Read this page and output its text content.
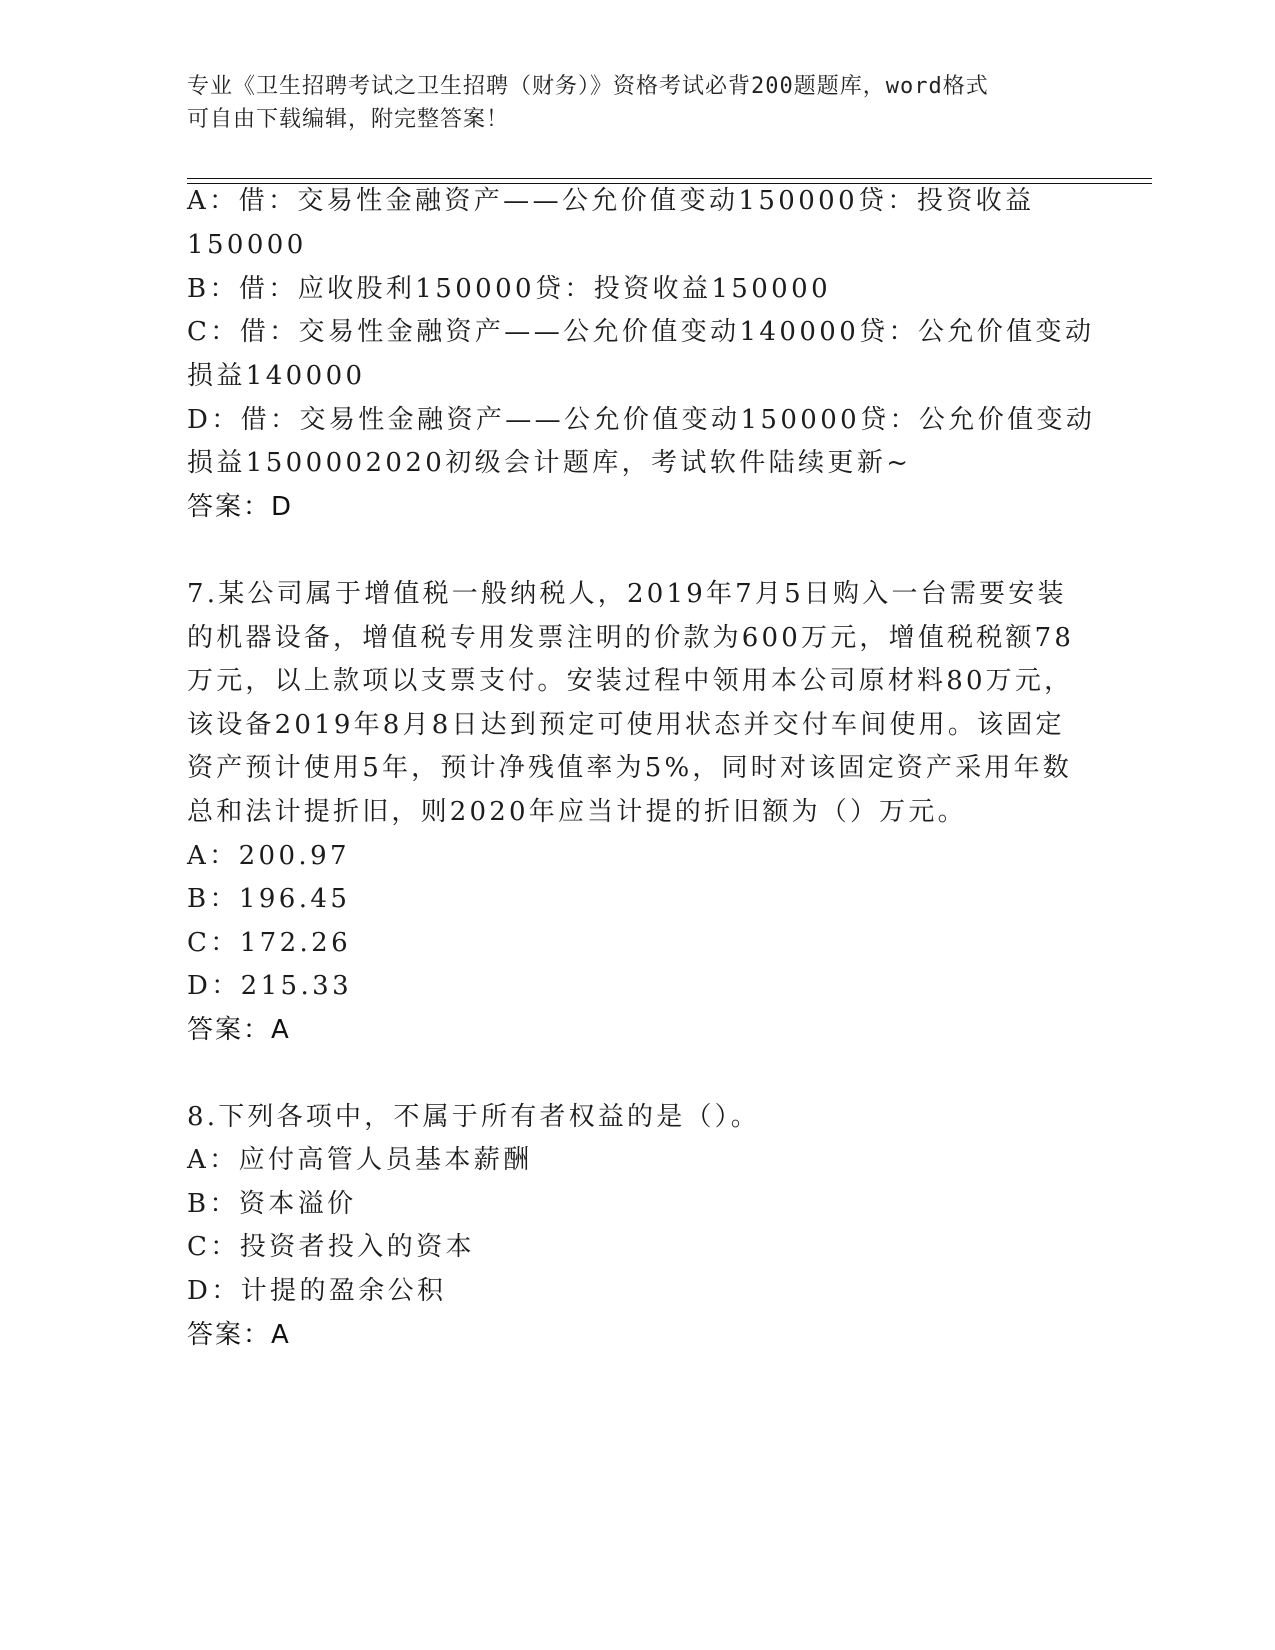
专业《卫生招聘考试之卫生招聘（财务）》资格考试必背200题题库，word格式
可自由下载编辑，附完整答案！
A：借：交易性金融资产——公允价值变动150000贷：投资收益
150000
B：借：应收股利150000贷：投资收益150000
C：借：交易性金融资产——公允价值变动140000贷：公允价值变动
损益140000
D：借：交易性金融资产——公允价值变动150000贷：公允价值变动
损益1500002020初级会计题库，考试软件陆续更新~
答案：D
7.某公司属于增值税一般纳税人，2019年7月5日购入一台需要安装
的机器设备，增值税专用发票注明的价款为600万元，增值税税额78
万元，以上款项以支票支付。安装过程中领用本公司原材料80万元，
该设备2019年8月8日达到预定可使用状态并交付车间使用。该固定
资产预计使用5年，预计净残值率为5%，同时对该固定资产采用年数
总和法计提折旧，则2020年应当计提的折旧额为（）万元。
A：200.97
B：196.45
C：172.26
D：215.33
答案：A
8.下列各项中，不属于所有者权益的是（）。
A：应付高管人员基本薪酬
B：资本溢价
C：投资者投入的资本
D：计提的盈余公积
答案：A
